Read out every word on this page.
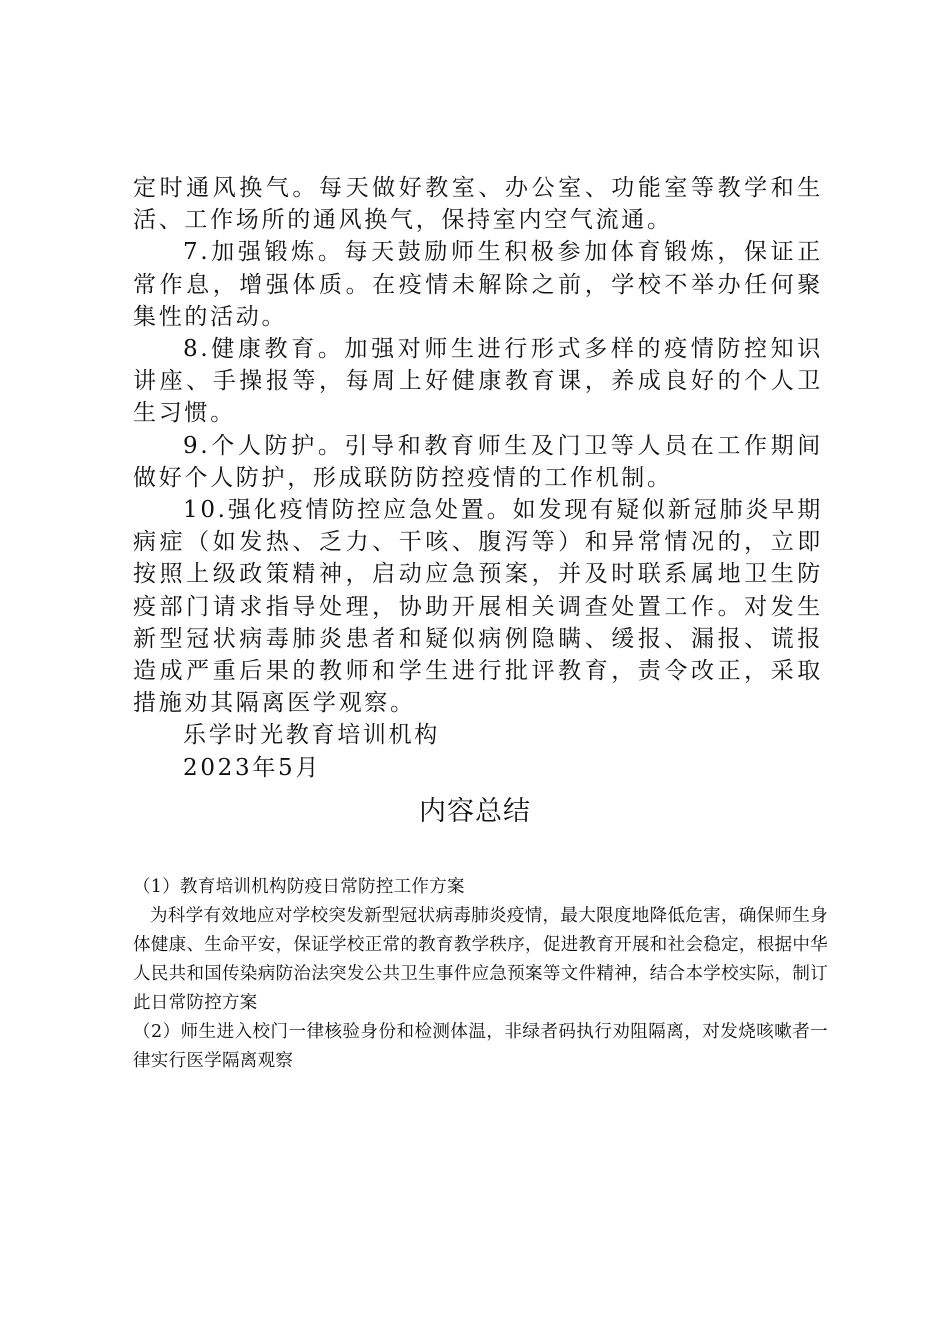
定时通风换气。每天做好教室、办公室、功能室等教学和生活、工作场所的通风换气，保持室内空气流通。

7.加强锻炼。每天鼓励师生积极参加体育锻炼，保证正常作息，增强体质。在疫情未解除之前，学校不举办任何聚集性的活动。

8.健康教育。加强对师生进行形式多样的疫情防控知识讲座、手操报等，每周上好健康教育课，养成良好的个人卫生习惯。

9.个人防护。引导和教育师生及门卫等人员在工作期间做好个人防护，形成联防防控疫情的工作机制。

10.强化疫情防控应急处置。如发现有疑似新冠肺炎早期病症（如发热、乏力、干咳、腹泻等）和异常情况的，立即按照上级政策精神，启动应急预案，并及时联系属地卫生防疫部门请求指导处理，协助开展相关调查处置工作。对发生新型冠状病毒肺炎患者和疑似病例隐瞒、缓报、漏报、谎报造成严重后果的教师和学生进行批评教育，责令改正，采取措施劝其隔离医学观察。

乐学时光教育培训机构

2023年5月

内容总结

（1）教育培训机构防疫日常防控工作方案

为科学有效地应对学校突发新型冠状病毒肺炎疫情，最大限度地降低危害，确保师生身体健康、生命平安，保证学校正常的教育教学秩序，促进教育开展和社会稳定，根据中华人民共和国传染病防治法突发公共卫生事件应急预案等文件精神，结合本学校实际，制订此日常防控方案

（2）师生进入校门一律核验身份和检测体温，非绿者码执行劝阻隔离，对发烧咳嗽者一律实行医学隔离观察
